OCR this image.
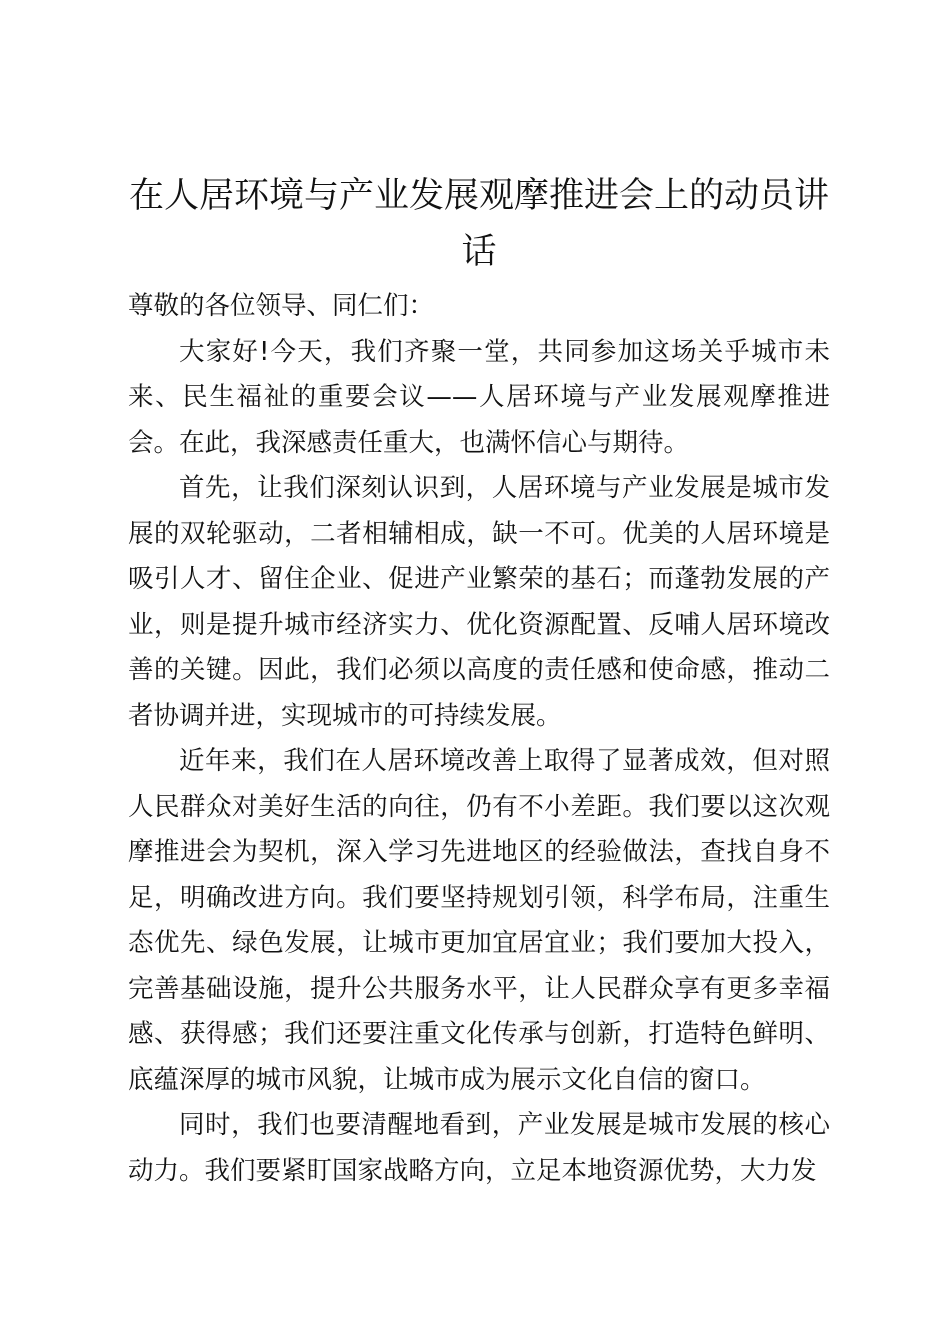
在人居环境与产业发展观摩推进会上的动员讲话

尊敬的各位领导、同仁们：

大家好!今天，我们齐聚一堂，共同参加这场关乎城市未来、民生福祉的重要会议——人居环境与产业发展观摩推进会。在此，我深感责任重大，也满怀信心与期待。

首先，让我们深刻认识到，人居环境与产业发展是城市发展的双轮驱动，二者相辅相成，缺一不可。优美的人居环境是吸引人才、留住企业、促进产业繁荣的基石；而蓬勃发展的产业，则是提升城市经济实力、优化资源配置、反哺人居环境改善的关键。因此，我们必须以高度的责任感和使命感，推动二者协调并进，实现城市的可持续发展。

近年来，我们在人居环境改善上取得了显著成效，但对照人民群众对美好生活的向往，仍有不小差距。我们要以这次观摩推进会为契机，深入学习先进地区的经验做法，查找自身不足，明确改进方向。我们要坚持规划引领，科学布局，注重生态优先、绿色发展，让城市更加宜居宜业；我们要加大投入，完善基础设施，提升公共服务水平，让人民群众享有更多幸福感、获得感；我们还要注重文化传承与创新，打造特色鲜明、底蕴深厚的城市风貌，让城市成为展示文化自信的窗口。

同时，我们也要清醒地看到，产业发展是城市发展的核心动力。我们要紧盯国家战略方向，立足本地资源优势，大力发
